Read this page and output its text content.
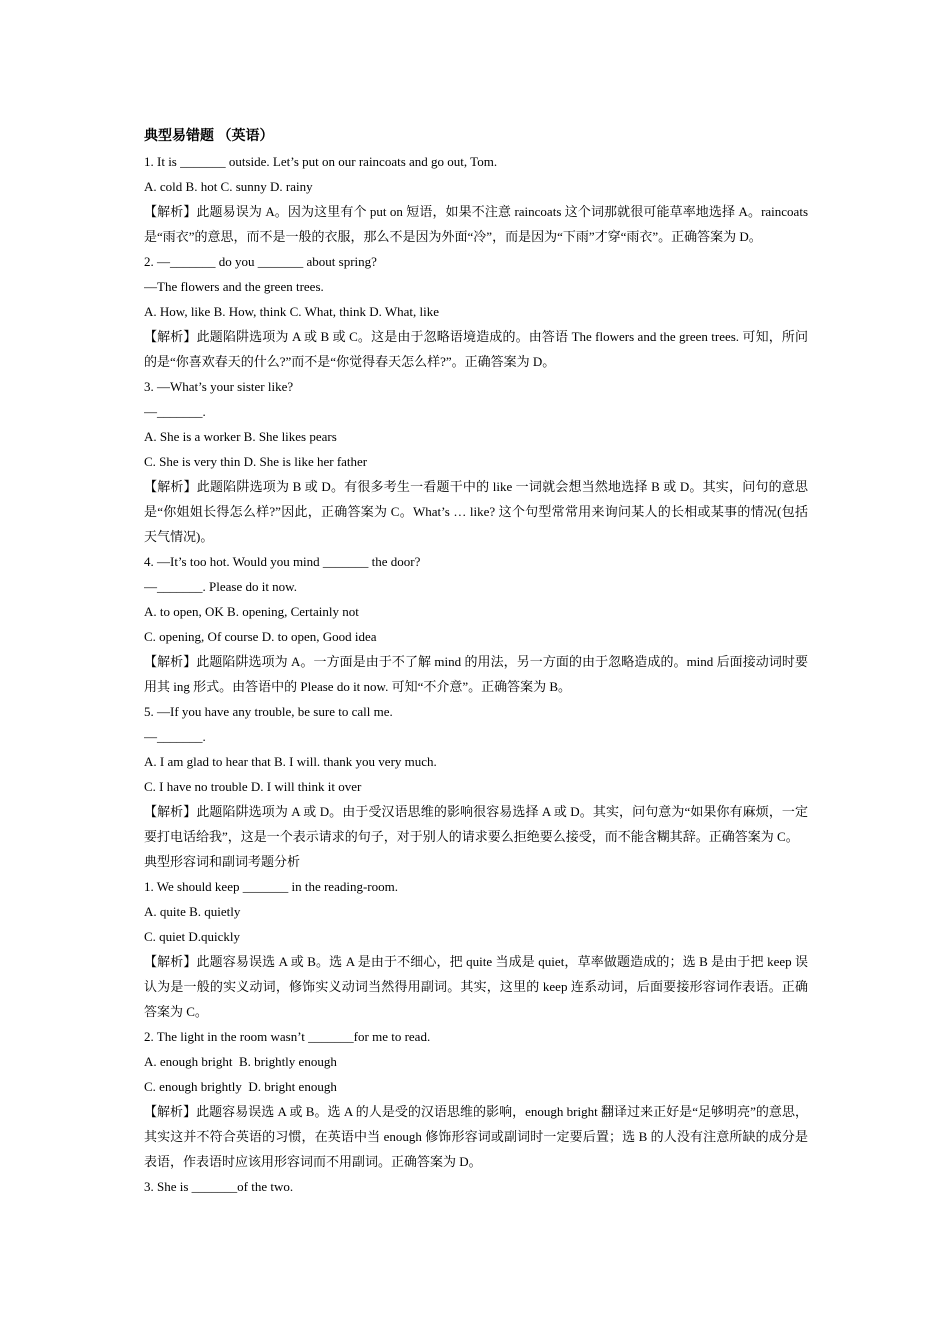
典型易错题 （英语）
1. It is _______ outside. Let’s put on our raincoats and go out, Tom.
A. cold B. hot C. sunny D. rainy
【解析】此题易误为 A。因为这里有个 put on 短语，如果不注意 raincoats 这个词那就很可能草率地选择 A。raincoats 是“雨衣”的意思，而不是一般的衣服，那么不是因为外面“冷”，而是因为“下雨”才穿“雨衣”。正确答案为 D。
2. —_______ do you _______ about spring?
—The flowers and the green trees.
A. How, like B. How, think C. What, think D. What, like
【解析】此题陷阱选项为 A 或 B 或 C。这是由于忽略语境造成的。由答语 The flowers and the green trees. 可知，所问的是“你喜欢春天的什么?”而不是“你觉得春天怎么样?”。正确答案为 D。
3. —What’s your sister like?
—_______.
A. She is a worker B. She likes pears
C. She is very thin D. She is like her father
【解析】此题陷阱选项为 B 或 D。有很多考生一看题干中的 like 一词就会想当然地选择 B 或 D。其实，问句的意思是“你姐姐长得怎么样?”因此，正确答案为 C。What’s … like? 这个句型常常用来询问某人的长相或某事的情况(包括天气情况)。
4. —It’s too hot. Would you mind _______ the door?
—_______. Please do it now.
A. to open, OK B. opening, Certainly not
C. opening, Of course D. to open, Good idea
【解析】此题陷阱选项为 A。一方面是由于不了解 mind 的用法，另一方面的由于忽略造成的。mind 后面接动词时要用其 ing 形式。由答语中的 Please do it now. 可知“不介意”。正确答案为 B。
5. —If you have any trouble, be sure to call me.
—_______.
A. I am glad to hear that B. I will. thank you very much.
C. I have no trouble D. I will think it over
【解析】此题陷阱选项为 A 或 D。由于受汉语思维的影响很容易选择 A 或 D。其实，问句意为“如果你有麻烦，一定要打电话给我”，这是一个表示请求的句子，对于别人的请求要么拒绝要么接受，而不能含糊其辞。正确答案为 C。
典型形容词和副词考题分析
1. We should keep _______ in the reading-room.
A. quite B. quietly
C. quiet D.quickly
【解析】此题容易误选 A 或 B。选 A 是由于不细心，把 quite 当成是 quiet，草率做题造成的；选 B 是由于把 keep 误认为是一般的实义动词，修饰实义动词当然得用副词。其实，这里的 keep 连系动词，后面要接形容词作表语。正确答案为 C。
2. The light in the room wasn’t _______for me to read.
A. enough bright  B. brightly enough
C. enough brightly  D. bright enough
【解析】此题容易误选 A 或 B。选 A 的人是受的汉语思维的影响，enough bright 翻译过来正好是“足够明亮”的意思，其实这并不符合英语的习惯，在英语中当 enough 修饰形容词或副词时一定要后置；选 B 的人没有注意所缺的成分是表语，作表语时应该用形容词而不用副词。正确答案为 D。
3. She is _______of the two.
